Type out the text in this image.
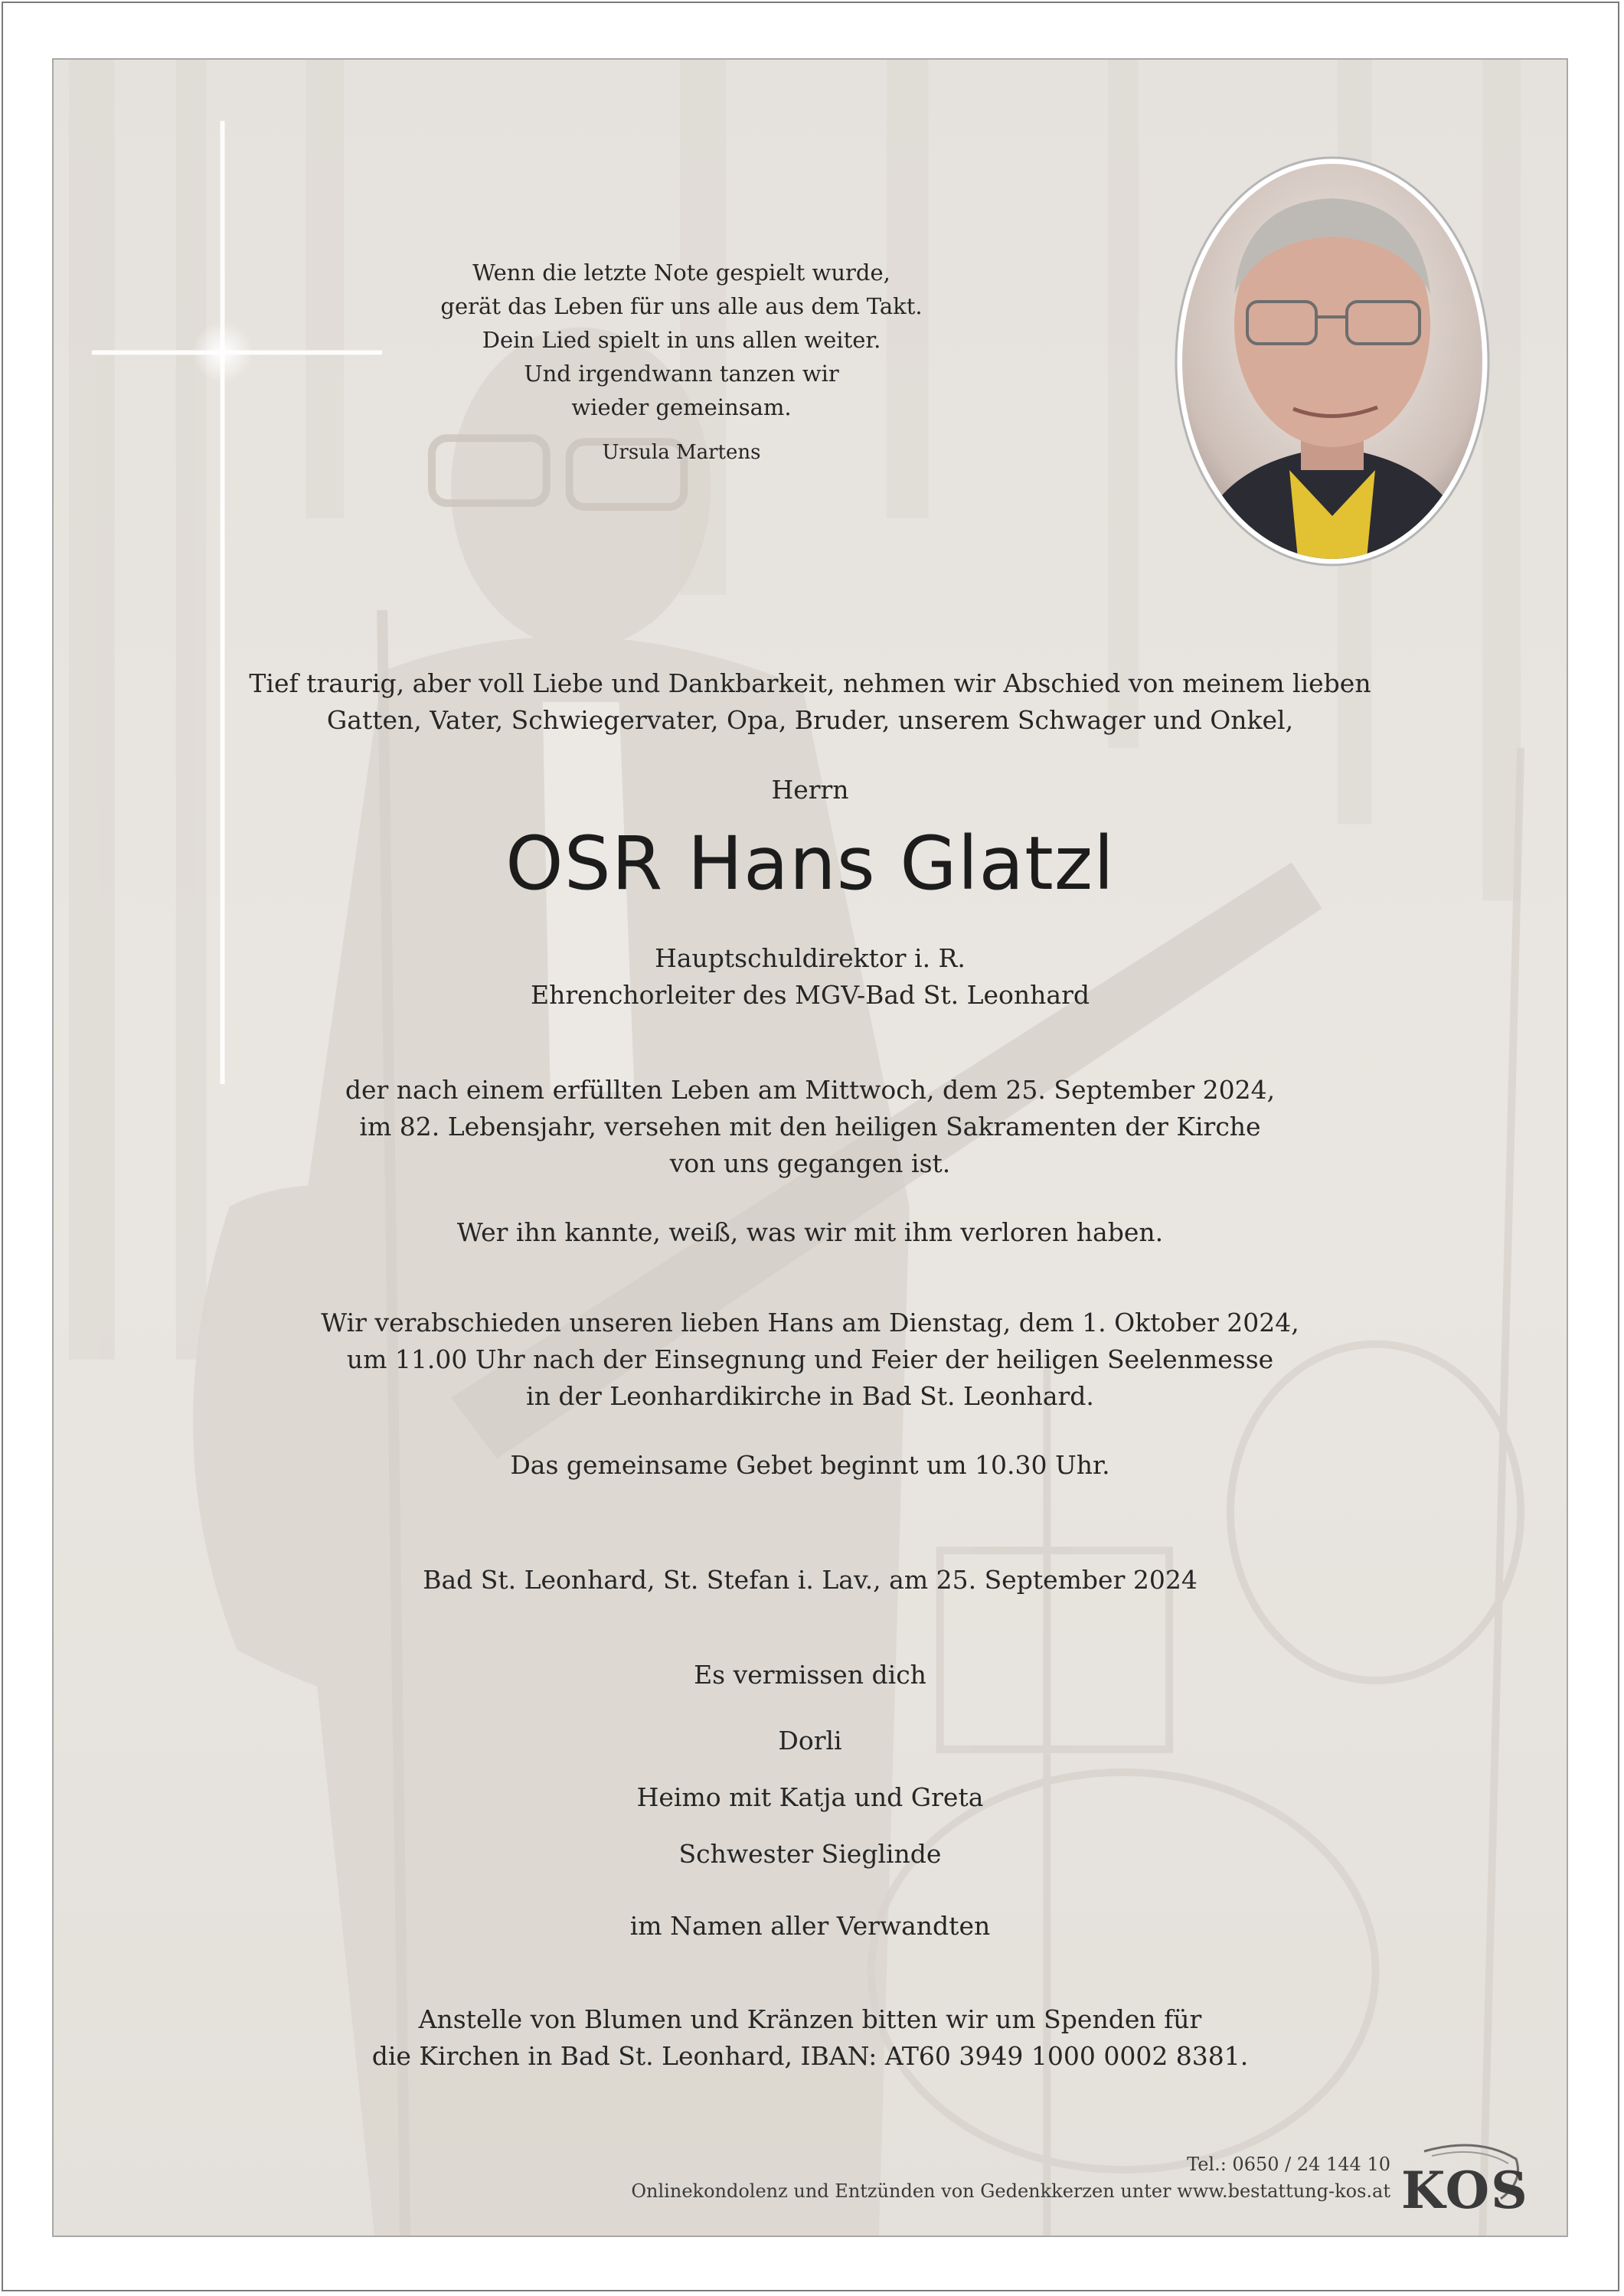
Wenn die letzte Note gespielt wurde,
gerät das Leben für uns alle aus dem Takt.
Dein Lied spielt in uns allen weiter.
Und irgendwann tanzen wir
wieder gemeinsam.
Ursula Martens
Tief traurig, aber voll Liebe und Dankbarkeit, nehmen wir Abschied von meinem lieben
Gatten, Vater, Schwiegervater, Opa, Bruder, unserem Schwager und Onkel,
Herrn
OSR Hans Glatzl
Hauptschuldirektor i. R.
Ehrenchorleiter des MGV-Bad St. Leonhard
der nach einem erfüllten Leben am Mittwoch, dem 25. September 2024,
im 82. Lebensjahr, versehen mit den heiligen Sakramenten der Kirche
von uns gegangen ist.
Wer ihn kannte, weiß, was wir mit ihm verloren haben.
Wir verabschieden unseren lieben Hans am Dienstag, dem 1. Oktober 2024,
um 11.00 Uhr nach der Einsegnung und Feier der heiligen Seelenmesse
in der Leonhardikirche in Bad St. Leonhard.
Das gemeinsame Gebet beginnt um 10.30 Uhr.
Bad St. Leonhard, St. Stefan i. Lav., am 25. September 2024
Es vermissen dich
Dorli
Heimo mit Katja und Greta
Schwester Sieglinde
im Namen aller Verwandten
Anstelle von Blumen und Kränzen bitten wir um Spenden für
die Kirchen in Bad St. Leonhard, IBAN: AT60 3949 1000 0002 8381.
Tel.: 0650 / 24 144 10
Onlinekondolenz und Entzünden von Gedenkkerzen unter www.bestattung-kos.at KOS
